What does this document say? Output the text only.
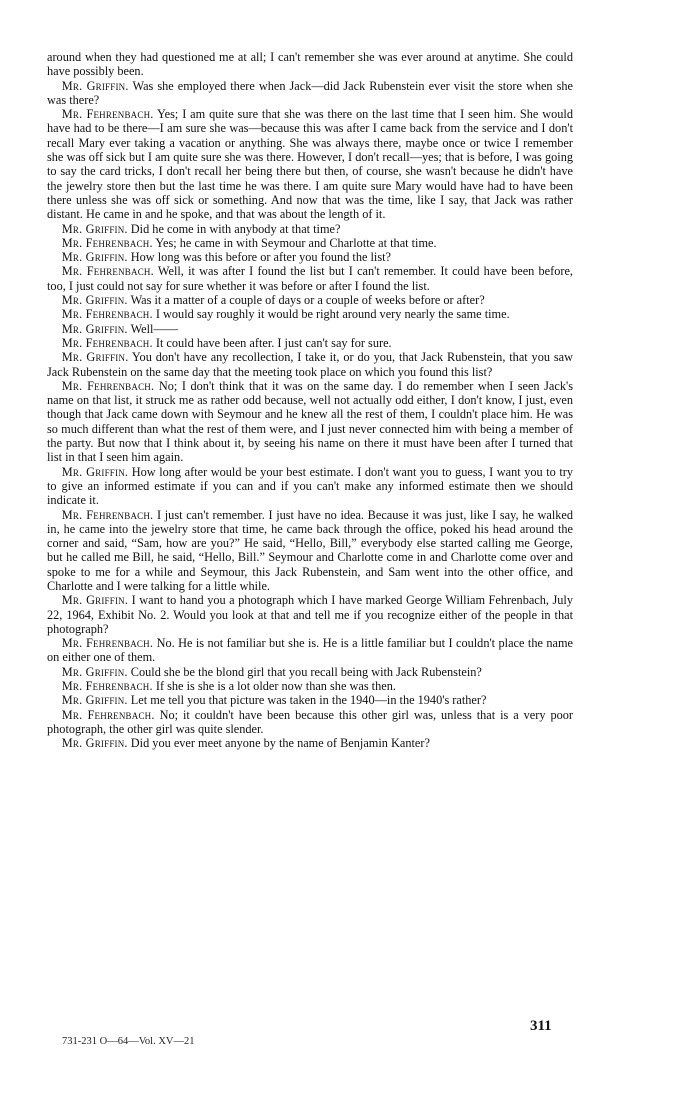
around when they had questioned me at all; I can't remember she was ever around at anytime. She could have possibly been.

Mr. Griffin. Was she employed there when Jack—did Jack Rubenstein ever visit the store when she was there?

Mr. Fehrenbach. Yes; I am quite sure that she was there on the last time that I seen him. She would have had to be there—I am sure she was—because this was after I came back from the service and I don't recall Mary ever taking a vacation or anything. She was always there, maybe once or twice I remember she was off sick but I am quite sure she was there. However, I don't recall—yes; that is before, I was going to say the card tricks, I don't recall her being there but then, of course, she wasn't because he didn't have the jewelry store then but the last time he was there. I am quite sure Mary would have had to have been there unless she was off sick or something. And now that was the time, like I say, that Jack was rather distant. He came in and he spoke, and that was about the length of it.

Mr. Griffin. Did he come in with anybody at that time?

Mr. Fehrenbach. Yes; he came in with Seymour and Charlotte at that time.

Mr. Griffin. How long was this before or after you found the list?

Mr. Fehrenbach. Well, it was after I found the list but I can't remember. It could have been before, too, I just could not say for sure whether it was before or after I found the list.

Mr. Griffin. Was it a matter of a couple of days or a couple of weeks before or after?

Mr. Fehrenbach. I would say roughly it would be right around very nearly the same time.

Mr. Griffin. Well——

Mr. Fehrenbach. It could have been after. I just can't say for sure.

Mr. Griffin. You don't have any recollection, I take it, or do you, that Jack Rubenstein, that you saw Jack Rubenstein on the same day that the meeting took place on which you found this list?

Mr. Fehrenbach. No; I don't think that it was on the same day. I do remember when I seen Jack's name on that list, it struck me as rather odd because, well not actually odd either, I don't know, I just, even though that Jack came down with Seymour and he knew all the rest of them, I couldn't place him. He was so much different than what the rest of them were, and I just never connected him with being a member of the party. But now that I think about it, by seeing his name on there it must have been after I turned that list in that I seen him again.

Mr. Griffin. How long after would be your best estimate. I don't want you to guess, I want you to try to give an informed estimate if you can and if you can't make any informed estimate then we should indicate it.

Mr. Fehrenbach. I just can't remember. I just have no idea. Because it was just, like I say, he walked in, he came into the jewelry store that time, he came back through the office, poked his head around the corner and said, “Sam, how are you?” He said, “Hello, Bill,” everybody else started calling me George, but he called me Bill, he said, “Hello, Bill.” Seymour and Charlotte come in and Charlotte come over and spoke to me for a while and Seymour, this Jack Rubenstein, and Sam went into the other office, and Charlotte and I were talking for a little while.

Mr. Griffin. I want to hand you a photograph which I have marked George William Fehrenbach, July 22, 1964, Exhibit No. 2. Would you look at that and tell me if you recognize either of the people in that photograph?

Mr. Fehrenbach. No. He is not familiar but she is. He is a little familiar but I couldn't place the name on either one of them.

Mr. Griffin. Could she be the blond girl that you recall being with Jack Rubenstein?

Mr. Fehrenbach. If she is she is a lot older now than she was then.

Mr. Griffin. Let me tell you that picture was taken in the 1940—in the 1940's rather?

Mr. Fehrenbach. No; it couldn't have been because this other girl was, unless that is a very poor photograph, the other girl was quite slender.

Mr. Griffin. Did you ever meet anyone by the name of Benjamin Kanter?

311
731-231 O—64—Vol. XV—21
